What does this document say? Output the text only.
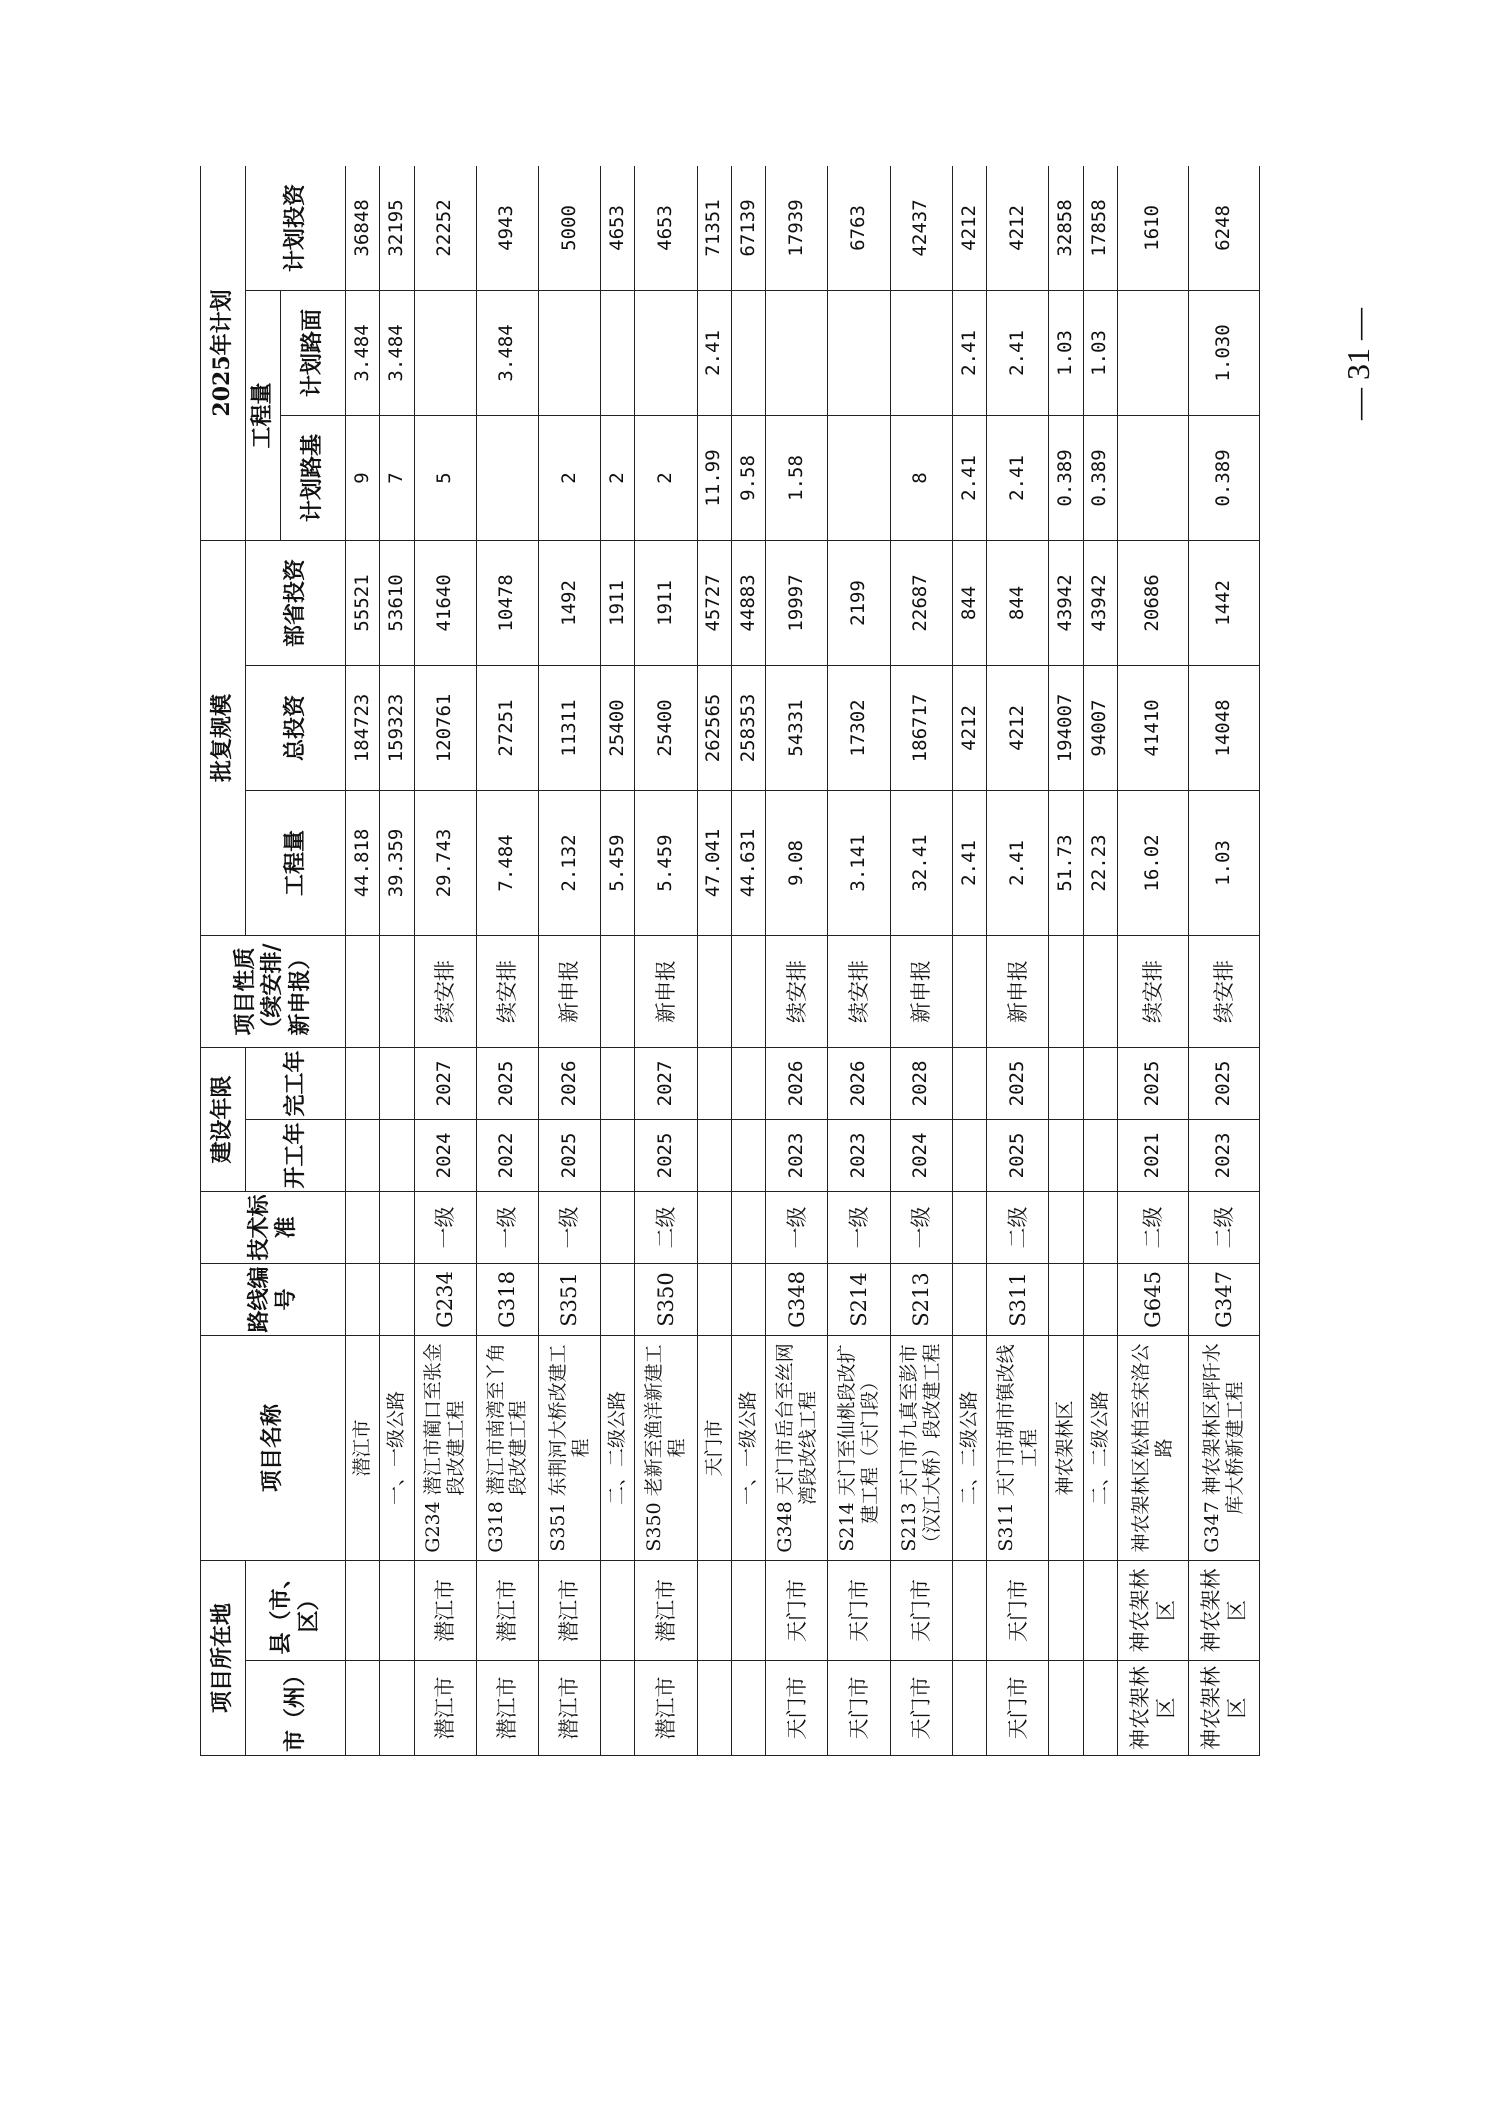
项目所在地		项目名称	路线编号	技术标准	建设年限		项目性质（续安排/新申报）	批复规模			2025年计划		
市（州）	县（市、区）				开工年	完工年		工程量	总投资	部省投资	工程量		计划投资
											计划路基	计划路面	
		潜江市						44.818	184723	55521	9	3.484	36848
		一、一级公路						39.359	159323	53610	7	3.484	32195
潜江市	潜江市	G234 潜江市蔺口至张金段改建工程	G234	一级	2024	2027	续安排	29.743	120761	41640	5		22252
潜江市	潜江市	G318 潜江市南湾至丫角段改建工程	G318	一级	2022	2025	续安排	7.484	27251	10478		3.484	4943
潜江市	潜江市	S351 东荆河大桥改建工程	S351	一级	2025	2026	新申报	2.132	11311	1492	2		5000
		二、二级公路						5.459	25400	1911	2		4653
潜江市	潜江市	S350 老新至渔洋新建工程	S350	二级	2025	2027	新申报	5.459	25400	1911	2		4653
		天门市						47.041	262565	45727	11.99	2.41	71351
		一、一级公路						44.631	258353	44883	9.58		67139
天门市	天门市	G348 天门市岳台至丝网湾段改线工程	G348	一级	2023	2026	续安排	9.08	54331	19997	1.58		17939
天门市	天门市	S214 天门至仙桃段改扩建工程（天门段）	S214	一级	2023	2026	续安排	3.141	17302	2199			6763
天门市	天门市	S213 天门市九真至彭市（汉江大桥）段改建工程	S213	一级	2024	2028	新申报	32.41	186717	22687	8		42437
		二、二级公路						2.41	4212	844	2.41	2.41	4212
天门市	天门市	S311 天门市胡市镇改线工程	S311	二级	2025	2025	新申报	2.41	4212	844	2.41	2.41	4212
		神农架林区						51.73	194007	43942	0.389	1.03	32858
		二、二级公路						22.23	94007	43942	0.389	1.03	17858
神农架林区	神农架林区	神农架林区松柏至宋洛公路	G645	二级	2021	2025	续安排	16.02	41410	20686			1610
神农架林区	神农架林区	G347 神农架林区坪阡水库大桥新建工程	G347	二级	2023	2025	续安排	1.03	14048	1442	0.389	1.030	6248
— 31 —
